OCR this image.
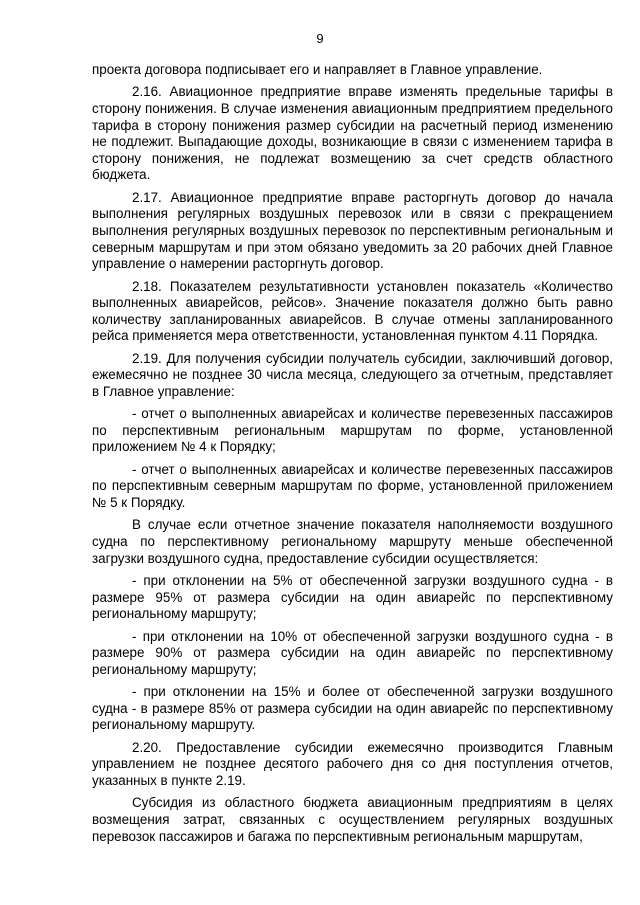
9

проекта договора подписывает его и направляет в Главное управление.

2.16. Авиационное предприятие вправе изменять предельные тарифы в сторону понижения. В случае изменения авиационным предприятием предельного тарифа в сторону понижения размер субсидии на расчетный период изменению не подлежит. Выпадающие доходы, возникающие в связи с изменением тарифа в сторону понижения, не подлежат возмещению за счет средств областного бюджета.

2.17. Авиационное предприятие вправе расторгнуть договор до начала выполнения регулярных воздушных перевозок или в связи с прекращением выполнения регулярных воздушных перевозок по перспективным региональным и северным маршрутам и при этом обязано уведомить за 20 рабочих дней Главное управление о намерении расторгнуть договор.

2.18. Показателем результативности установлен показатель «Количество выполненных авиарейсов, рейсов». Значение показателя должно быть равно количеству запланированных авиарейсов. В случае отмены запланированного рейса применяется мера ответственности, установленная пунктом 4.11 Порядка.

2.19. Для получения субсидии получатель субсидии, заключивший договор, ежемесячно не позднее 30 числа месяца, следующего за отчетным, представляет в Главное управление:

- отчет о выполненных авиарейсах и количестве перевезенных пассажиров по перспективным региональным маршрутам по форме, установленной приложением № 4 к Порядку;

- отчет о выполненных авиарейсах и количестве перевезенных пассажиров по перспективным северным маршрутам по форме, установленной приложением № 5 к Порядку.

В случае если отчетное значение показателя наполняемости воздушного судна по перспективному региональному маршруту меньше обеспеченной загрузки воздушного судна, предоставление субсидии осуществляется:

- при отклонении на 5% от обеспеченной загрузки воздушного судна - в размере 95% от размера субсидии на один авиарейс по перспективному региональному маршруту;

- при отклонении на 10% от обеспеченной загрузки воздушного судна - в размере 90% от размера субсидии на один авиарейс по перспективному региональному маршруту;

- при отклонении на 15% и более от обеспеченной загрузки воздушного судна - в размере 85% от размера субсидии на один авиарейс по перспективному региональному маршруту.

2.20. Предоставление субсидии ежемесячно производится Главным управлением не позднее десятого рабочего дня со дня поступления отчетов, указанных в пункте 2.19.

Субсидия из областного бюджета авиационным предприятиям в целях возмещения затрат, связанных с осуществлением регулярных воздушных перевозок пассажиров и багажа по перспективным региональным маршрутам,
